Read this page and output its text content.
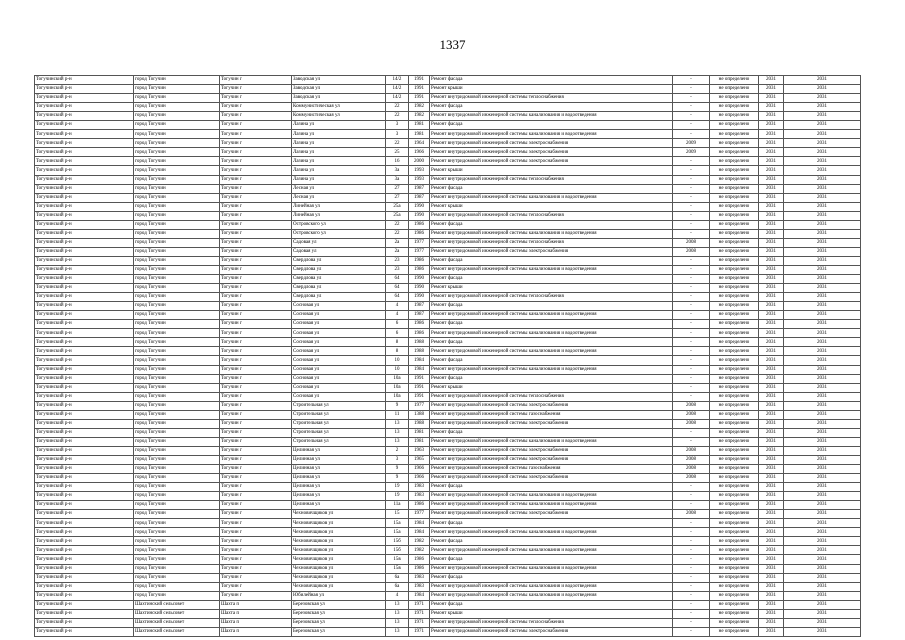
1337
Тогучинский р-н	город Тогучин	Тогучин г	Заводская ул	14/2	1991	Ремонт фасада	-	не определено	2031	2031
Тогучинский р-н	город Тогучин	Тогучин г	Заводская ул	14/2	1991	Ремонт крыши	-	не определено	2031	2031
Тогучинский р-н	город Тогучин	Тогучин г	Заводская ул	14/2	1991	Ремонт внутридомовой инженерной системы теплоснабжения	-	не определено	2031	2031
Тогучинский р-н	город Тогучин	Тогучин г	Коммунистическая ул	22	1982	Ремонт фасада	-	не определено	2031	2031
Тогучинский р-н	город Тогучин	Тогучин г	Коммунистическая ул	22	1982	Ремонт внутридомовой инженерной системы канализования и водоотведения	-	не определено	2031	2031
Тогучинский р-н	город Тогучин	Тогучин г	Лазина ул	3	1981	Ремонт фасада	-	не определено	2031	2031
Тогучинский р-н	город Тогучин	Тогучин г	Лазина ул	3	1981	Ремонт внутридомовой инженерной системы канализования и водоотведения	-	не определено	2031	2031
Тогучинский р-н	город Тогучин	Тогучин г	Лазина ул	22	1964	Ремонт внутридомовой инженерной системы электроснабжения	2009	не определено	2031	2031
Тогучинский р-н	город Тогучин	Тогучин г	Лазина ул	25	1966	Ремонт внутридомовой инженерной системы электроснабжения	2009	не определено	2031	2031
Тогучинский р-н	город Тогучин	Тогучин г	Лазина ул	16	2000	Ремонт внутридомовой инженерной системы электроснабжения	-	не определено	2031	2031
Тогучинский р-н	город Тогучин	Тогучин г	Лазина ул	3а	1993	Ремонт крыши	-	не определено	2031	2031
Тогучинский р-н	город Тогучин	Тогучин г	Лазина ул	3а	1993	Ремонт внутридомовой инженерной системы теплоснабжения	-	не определено	2031	2031
Тогучинский р-н	город Тогучин	Тогучин г	Лесная ул	27	1987	Ремонт фасада	-	не определено	2031	2031
Тогучинский р-н	город Тогучин	Тогучин г	Лесная ул	27	1987	Ремонт внутридомовой инженерной системы канализования и водоотведения	-	не определено	2031	2031
Тогучинский р-н	город Тогучин	Тогучин г	Линейная ул	25а	1990	Ремонт крыши	-	не определено	2031	2031
Тогучинский р-н	город Тогучин	Тогучин г	Линейная ул	25а	1990	Ремонт внутридомовой инженерной системы теплоснабжения	-	не определено	2031	2031
Тогучинский р-н	город Тогучин	Тогучин г	Островского ул	22	1986	Ремонт фасада	-	не определено	2031	2031
Тогучинский р-н	город Тогучин	Тогучин г	Островского ул	22	1986	Ремонт внутридомовой инженерной системы канализования и водоотведения	-	не определено	2031	2031
Тогучинский р-н	город Тогучин	Тогучин г	Садовая ул	2а	1977	Ремонт внутридомовой инженерной системы теплоснабжения	2008	не определено	2031	2031
Тогучинский р-н	город Тогучин	Тогучин г	Садовая ул	2а	1977	Ремонт внутридомовой инженерной системы электроснабжения	2008	не определено	2031	2031
Тогучинский р-н	город Тогучин	Тогучин г	Свердлова ул	23	1986	Ремонт фасада	-	не определено	2031	2031
Тогучинский р-н	город Тогучин	Тогучин г	Свердлова ул	23	1986	Ремонт внутридомовой инженерной системы канализования и водоотведения	-	не определено	2031	2031
Тогучинский р-н	город Тогучин	Тогучин г	Свердлова ул	64	1990	Ремонт фасада	-	не определено	2031	2031
Тогучинский р-н	город Тогучин	Тогучин г	Свердлова ул	64	1990	Ремонт крыши	-	не определено	2031	2031
Тогучинский р-н	город Тогучин	Тогучин г	Свердлова ул	64	1990	Ремонт внутридомовой инженерной системы теплоснабжения	-	не определено	2031	2031
Тогучинский р-н	город Тогучин	Тогучин г	Сосновая ул	4	1987	Ремонт фасада	-	не определено	2031	2031
Тогучинский р-н	город Тогучин	Тогучин г	Сосновая ул	4	1987	Ремонт внутридомовой инженерной системы канализования и водоотведения	-	не определено	2031	2031
Тогучинский р-н	город Тогучин	Тогучин г	Сосновая ул	6	1986	Ремонт фасада	-	не определено	2031	2031
Тогучинский р-н	город Тогучин	Тогучин г	Сосновая ул	6	1986	Ремонт внутридомовой инженерной системы канализования и водоотведения	-	не определено	2031	2031
Тогучинский р-н	город Тогучин	Тогучин г	Сосновая ул	8	1988	Ремонт фасада	-	не определено	2031	2031
Тогучинский р-н	город Тогучин	Тогучин г	Сосновая ул	8	1988	Ремонт внутридомовой инженерной системы канализования и водоотведения	-	не определено	2031	2031
Тогучинский р-н	город Тогучин	Тогучин г	Сосновая ул	10	1984	Ремонт фасада	-	не определено	2031	2031
Тогучинский р-н	город Тогучин	Тогучин г	Сосновая ул	10	1984	Ремонт внутридомовой инженерной системы канализования и водоотведения	-	не определено	2031	2031
Тогучинский р-н	город Тогучин	Тогучин г	Сосновая ул	10а	1991	Ремонт фасада	-	не определено	2031	2031
Тогучинский р-н	город Тогучин	Тогучин г	Сосновая ул	10а	1991	Ремонт крыши	-	не определено	2031	2031
Тогучинский р-н	город Тогучин	Тогучин г	Сосновая ул	10а	1991	Ремонт внутридомовой инженерной системы теплоснабжения	-	не определено	2031	2031
Тогучинский р-н	город Тогучин	Тогучин г	Строительная ул	9	1977	Ремонт внутридомовой инженерной системы электроснабжения	2008	не определено	2031	2031
Тогучинский р-н	город Тогучин	Тогучин г	Строительная ул	11	1388	Ремонт внутридомовой инженерной системы газоснабжения	2008	не определено	2031	2031
Тогучинский р-н	город Тогучин	Тогучин г	Строительная ул	13	1988	Ремонт внутридомовой инженерной системы электроснабжения	2008	не определено	2031	2031
Тогучинский р-н	город Тогучин	Тогучин г	Строительная ул	13	1981	Ремонт фасада	-	не определено	2031	2031
Тогучинский р-н	город Тогучин	Тогучин г	Строительная ул	13	1981	Ремонт внутридомовой инженерной системы канализования и водоотведения	-	не определено	2031	2031
Тогучинский р-н	город Тогучин	Тогучин г	Целинная ул	2	1963	Ремонт внутридомовой инженерной системы электроснабжения	2008	не определено	2031	2031
Тогучинский р-н	город Тогучин	Тогучин г	Целинная ул	3	1965	Ремонт внутридомовой инженерной системы электроснабжения	2008	не определено	2031	2031
Тогучинский р-н	город Тогучин	Тогучин г	Целинная ул	9	1966	Ремонт внутридомовой инженерной системы газоснабжения	2008	не определено	2031	2031
Тогучинский р-н	город Тогучин	Тогучин г	Целинная ул	9	1966	Ремонт внутридомовой инженерной системы электроснабжения	2008	не определено	2031	2031
Тогучинский р-н	город Тогучин	Тогучин г	Целинная ул	19	1983	Ремонт фасада	-	не определено	2031	2031
Тогучинский р-н	город Тогучин	Тогучин г	Целинная ул	19	1983	Ремонт внутридомовой инженерной системы канализования и водоотведения	-	не определено	2031	2031
Тогучинский р-н	город Тогучин	Тогучин г	Целинная ул	11а	1986	Ремонт внутридомовой инженерной системы канализования и водоотведения	-	не определено	2031	2031
Тогучинский р-н	город Тогучин	Тогучин г	Чехновичщиков ул	15	1977	Ремонт внутридомовой инженерной системы электроснабжения	2008	не определено	2031	2031
Тогучинский р-н	город Тогучин	Тогучин г	Чехновичщиков ул	15а	1984	Ремонт фасада	-	не определено	2031	2031
Тогучинский р-н	город Тогучин	Тогучин г	Чехновичщиков ул	15а	1984	Ремонт внутридомовой инженерной системы канализования и водоотведения	-	не определено	2031	2031
Тогучинский р-н	город Тогучин	Тогучин г	Чехновичщиков ул	15б	1982	Ремонт фасада	-	не определено	2031	2031
Тогучинский р-н	город Тогучин	Тогучин г	Чехновичщиков ул	15б	1982	Ремонт внутридомовой инженерной системы канализования и водоотведения	-	не определено	2031	2031
Тогучинский р-н	город Тогучин	Тогучин г	Чехновичщиков ул	15в	1986	Ремонт фасада	-	не определено	2031	2031
Тогучинский р-н	город Тогучин	Тогучин г	Чехновичщиков ул	15в	1986	Ремонт внутридомовой инженерной системы канализования и водоотведения	-	не определено	2031	2031
Тогучинский р-н	город Тогучин	Тогучин г	Чехновичщиков ул	6а	1983	Ремонт фасада	-	не определено	2031	2031
Тогучинский р-н	город Тогучин	Тогучин г	Чехновичщиков ул	6а	1983	Ремонт внутридомовой инженерной системы канализования и водоотведения	-	не определено	2031	2031
Тогучинский р-н	город Тогучин	Тогучин г	Юбилейная ул	4	1984	Ремонт внутридомовой инженерной системы канализования и водоотведения	-	не определено	2031	2031
Тогучинский р-н	Шахтинский сельсовет	Шахта п	Березовская ул	13	1971	Ремонт фасада	-	не определено	2031	2031
Тогучинский р-н	Шахтинский сельсовет	Шахта п	Березовская ул	13	1971	Ремонт крыши	-	не определено	2031	2031
Тогучинский р-н	Шахтинский сельсовет	Шахта п	Березовская ул	13	1971	Ремонт внутридомовой инженерной системы теплоснабжения	-	не определено	2031	2031
Тогучинский р-н	Шахтинский сельсовет	Шахта п	Березовская ул	13	1971	Ремонт внутридомовой инженерной системы электроснабжения	-	не определено	2031	2031
